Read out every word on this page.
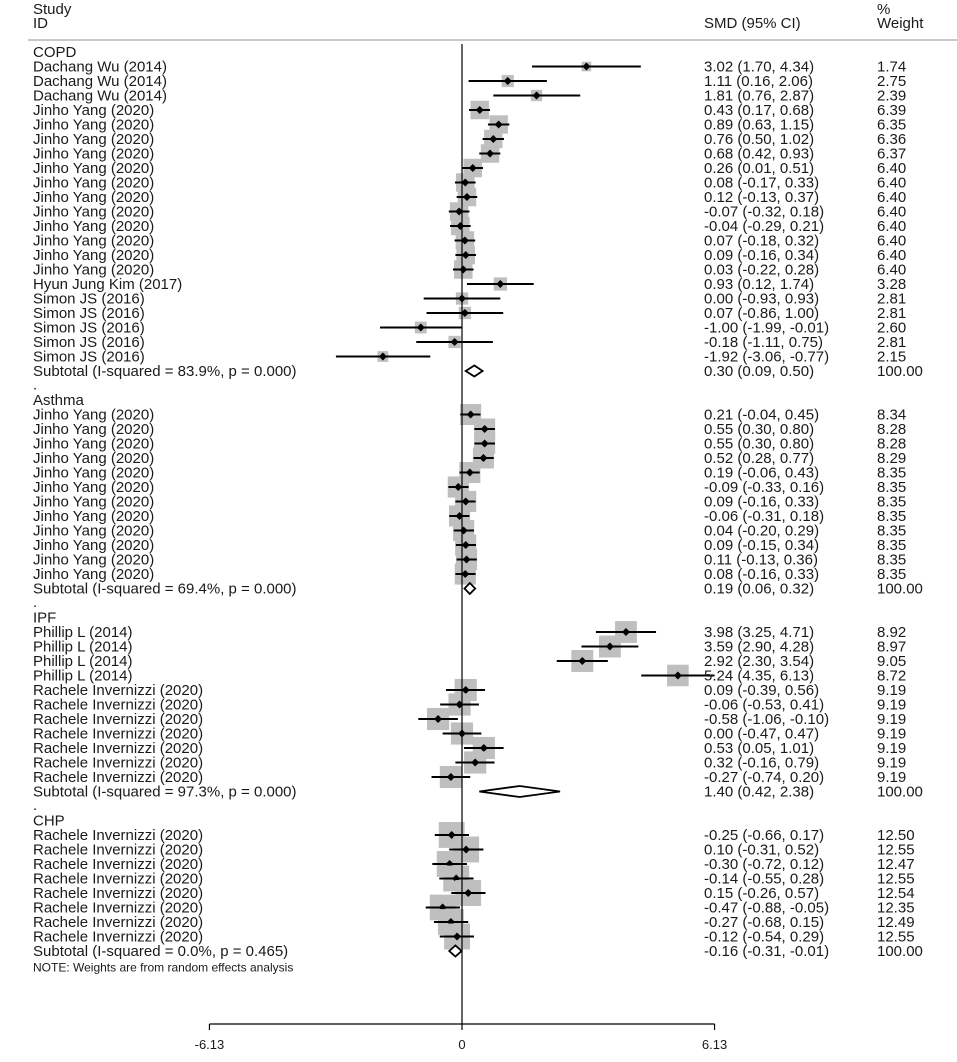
Study
ID	SMD (95% CI)
%
Weight
COPD
Dachang Wu (2014)	3.02 (1.70, 4.34)	1.74
Dachang Wu (2014)	1.11 (0.16, 2.06)	2.75
Dachang Wu (2014)	1.81 (0.76, 2.87)	2.39
Jinho Yang (2020)	0.43 (0.17, 0.68)	6.39
Jinho Yang (2020)	0.89 (0.63, 1.15)	6.35
Jinho Yang (2020)	0.76 (0.50, 1.02)	6.36
Jinho Yang (2020)	0.68 (0.42, 0.93)	6.37
Jinho Yang (2020)	0.26 (0.01, 0.51)	6.40
Jinho Yang (2020)	0.08 (-0.17, 0.33)	6.40
Jinho Yang (2020)	0.12 (-0.13, 0.37)	6.40
Jinho Yang (2020)	-0.07 (-0.32, 0.18)	6.40
Jinho Yang (2020)	-0.04 (-0.29, 0.21)	6.40
Jinho Yang (2020)	0.07 (-0.18, 0.32)	6.40
Jinho Yang (2020)	0.09 (-0.16, 0.34)	6.40
Jinho Yang (2020)	0.03 (-0.22, 0.28)	6.40
Hyun Jung Kim (2017)	0.93 (0.12, 1.74)	3.28
Simon JS (2016)	0.00 (-0.93, 0.93)	2.81
Simon JS (2016)	0.07 (-0.86, 1.00)	2.81
Simon JS (2016)	-1.00 (-1.99, -0.01)	2.60
Simon JS (2016)	-0.18 (-1.11, 0.75)	2.81
Simon JS (2016)	-1.92 (-3.06, -0.77)	2.15
Subtotal (I-squared = 83.9%, p = 0.000)	0.30 (0.09, 0.50)	100.00
.
Asthma
Jinho Yang (2020)	0.21 (-0.04, 0.45)	8.34
Jinho Yang (2020)	0.55 (0.30, 0.80)	8.28
Jinho Yang (2020)	0.55 (0.30, 0.80)	8.28
Jinho Yang (2020)	0.52 (0.28, 0.77)	8.29
Jinho Yang (2020)	0.19 (-0.06, 0.43)	8.35
Jinho Yang (2020)	-0.09 (-0.33, 0.16)	8.35
Jinho Yang (2020)	0.09 (-0.16, 0.33)	8.35
Jinho Yang (2020)	-0.06 (-0.31, 0.18)	8.35
Jinho Yang (2020)	0.04 (-0.20, 0.29)	8.35
Jinho Yang (2020)	0.09 (-0.15, 0.34)	8.35
Jinho Yang (2020)	0.11 (-0.13, 0.36)	8.35
Jinho Yang (2020)	0.08 (-0.16, 0.33)	8.35
Subtotal (I-squared = 69.4%, p = 0.000)	0.19 (0.06, 0.32)	100.00
.
IPF
Phillip L (2014)	3.98 (3.25, 4.71)	8.92
Phillip L (2014)	3.59 (2.90, 4.28)	8.97
Phillip L (2014)	2.92 (2.30, 3.54)	9.05
Phillip L (2014)	5.24 (4.35, 6.13)	8.72
Rachele Invernizzi (2020)	0.09 (-0.39, 0.56)	9.19
Rachele Invernizzi (2020)	-0.06 (-0.53, 0.41)	9.19
Rachele Invernizzi (2020)	-0.58 (-1.06, -0.10)	9.19
Rachele Invernizzi (2020)	0.00 (-0.47, 0.47)	9.19
Rachele Invernizzi (2020)	0.53 (0.05, 1.01)	9.19
Rachele Invernizzi (2020)	0.32 (-0.16, 0.79)	9.19
Rachele Invernizzi (2020)	-0.27 (-0.74, 0.20)	9.19
Subtotal (I-squared = 97.3%, p = 0.000)	1.40 (0.42, 2.38)	100.00
.
CHP
Rachele Invernizzi (2020)	-0.25 (-0.66, 0.17)	12.50
Rachele Invernizzi (2020)	0.10 (-0.31, 0.52)	12.55
Rachele Invernizzi (2020)	-0.30 (-0.72, 0.12)	12.47
Rachele Invernizzi (2020)	-0.14 (-0.55, 0.28)	12.55
Rachele Invernizzi (2020)	0.15 (-0.26, 0.57)	12.54
Rachele Invernizzi (2020)	-0.47 (-0.88, -0.05)	12.35
Rachele Invernizzi (2020)	-0.27 (-0.68, 0.15)	12.49
Rachele Invernizzi (2020)	-0.12 (-0.54, 0.29)	12.55
Subtotal (I-squared = 0.0%, p = 0.465)	-0.16 (-0.31, -0.01)	100.00
NOTE: Weights are from random effects analysis
-6.13	0	6.13
